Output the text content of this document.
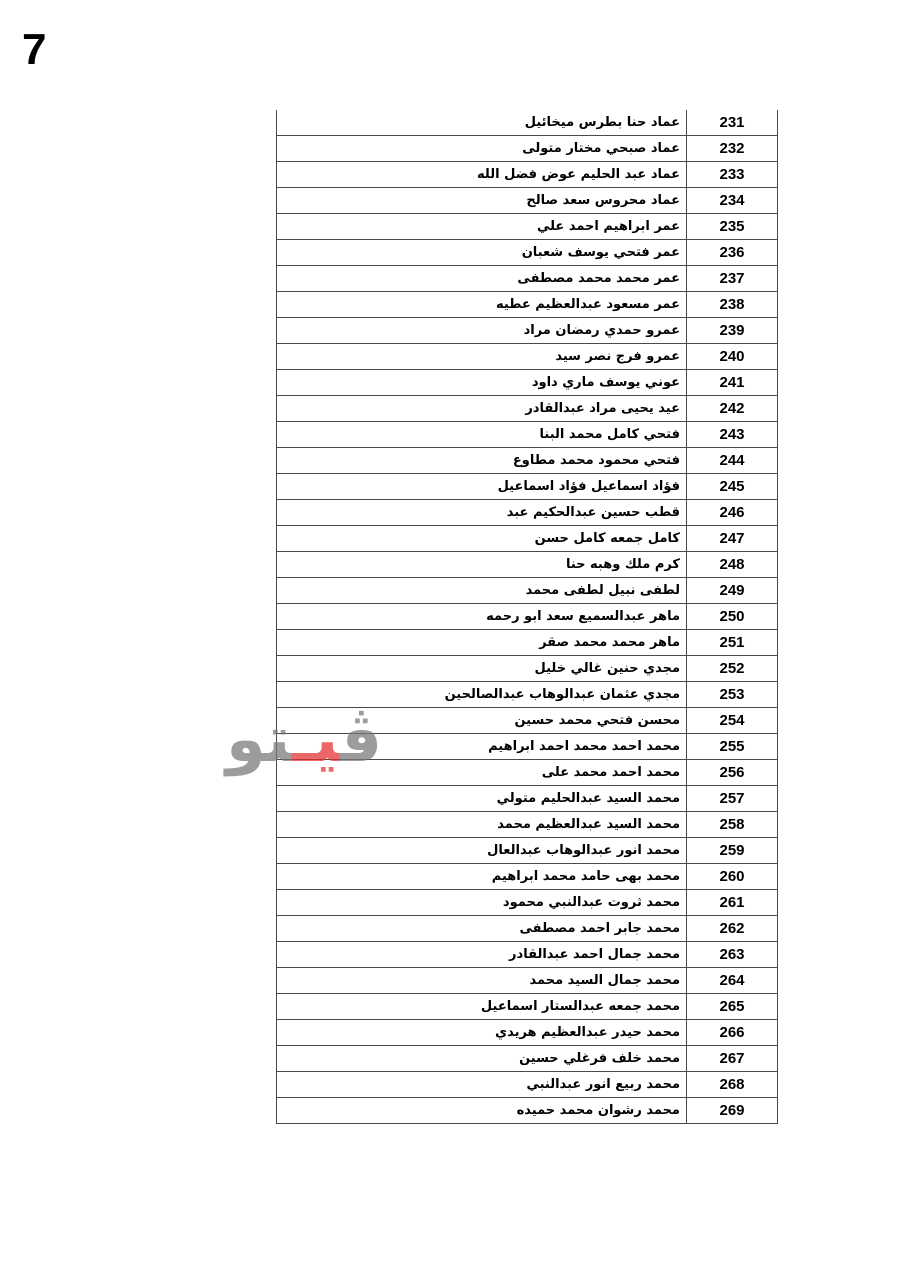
7
عماد حنا بطرس ميخائيل	231
عماد صبحي مختار متولى	232
عماد عبد الحليم عوض فضل الله	233
عماد محروس سعد صالح	234
عمر ابراهيم احمد علي	235
عمر فتحي يوسف شعبان	236
عمر محمد محمد مصطفى	237
عمر مسعود عبدالعظيم عطيه	238
عمرو حمدي رمضان مراد	239
عمرو فرج نصر سيد	240
عوني يوسف ماري داود	241
عيد يحيى مراد عبدالقادر	242
فتحي كامل محمد البنا	243
فتحي محمود محمد مطاوع	244
فؤاد اسماعيل فؤاد اسماعيل	245
قطب حسين عبدالحكيم عبد	246
كامل جمعه كامل حسن	247
كرم ملك وهبه حنا	248
لطفى نبيل لطفى محمد	249
ماهر عبدالسميع سعد ابو رحمه	250
ماهر محمد محمد صقر	251
مجدي حنين غالي خليل	252
مجدي عثمان عبدالوهاب عبدالصالحين	253
محسن فتحي محمد حسين	254
محمد احمد محمد احمد ابراهيم	255
محمد احمد محمد على	256
محمد السيد عبدالحليم متولي	257
محمد السيد عبدالعظيم محمد	258
محمد انور عبدالوهاب عبدالعال	259
محمد بهى حامد محمد ابراهيم	260
محمد ثروت عبدالنبي محمود	261
محمد جابر احمد مصطفى	262
محمد جمال احمد عبدالقادر	263
محمد جمال السيد محمد	264
محمد جمعه عبدالستار اسماعيل	265
محمد حيدر عبدالعظيم هريدي	266
محمد خلف فرغلي حسين	267
محمد ربيع انور عبدالنبي	268
محمد رشوان محمد حميده	269
ڤيـتو
